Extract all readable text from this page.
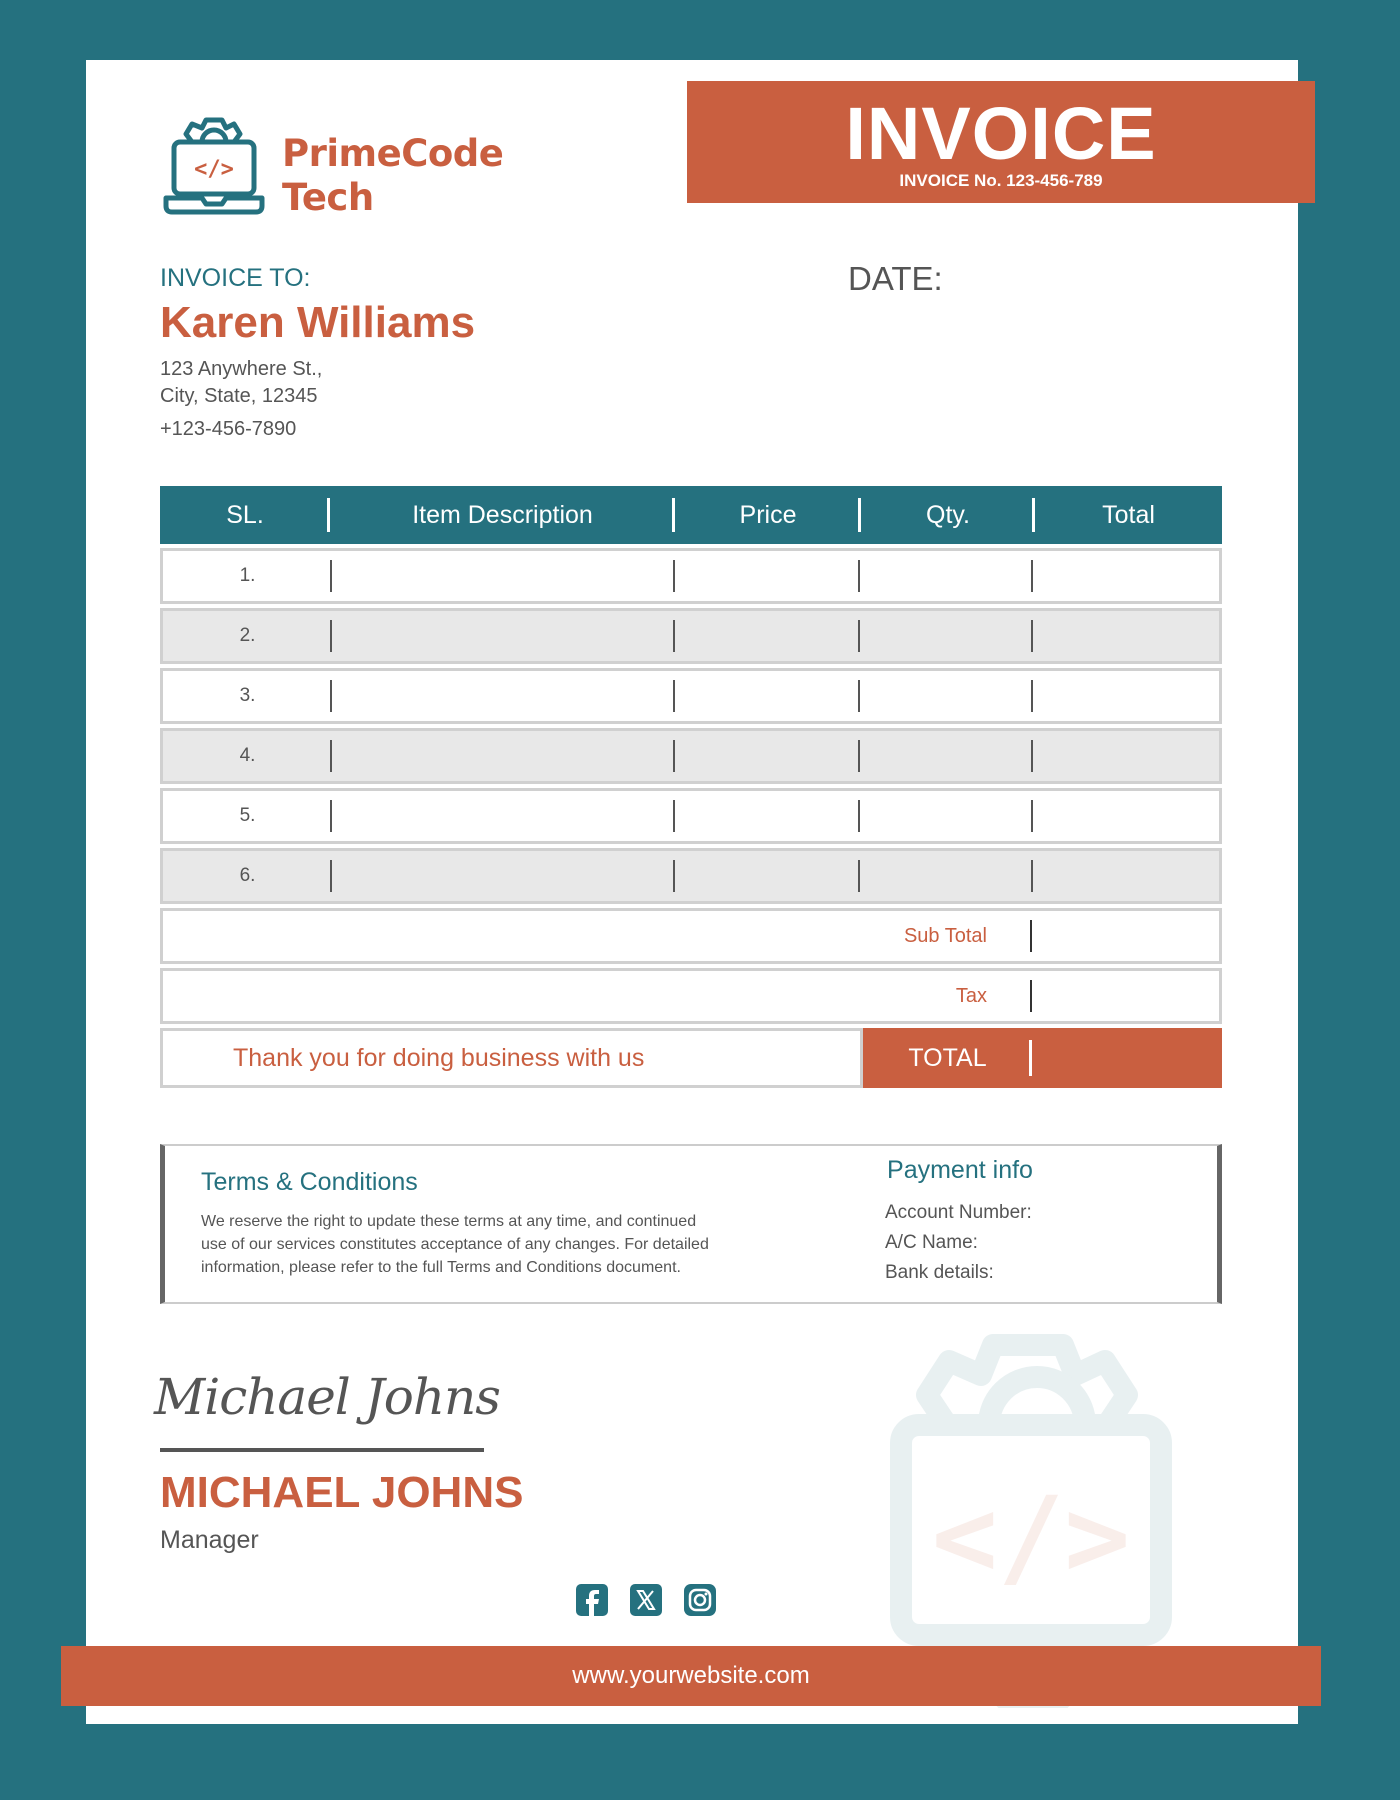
</> PrimeCode
Tech
INVOICE
INVOICE No. 123-456-789
INVOICE TO:
Karen Williams
123 Anywhere St.,
City, State, 12345
+123-456-7890
DATE:
SL.	Item Description	Price	Qty.	Total
1.
2.
3.
4.
5.
6.
Sub Total
Tax
Thank you for doing business with us	TOTAL
Terms & Conditions
We reserve the right to update these terms at any time, and continued
use of our services constitutes acceptance of any changes. For detailed
information, please refer to the full Terms and Conditions document.
Payment info
Account Number:
A/C Name:
Bank details:
Michael Johns
MICHAEL JOHNS
Manager	</>
www.yourwebsite.com
